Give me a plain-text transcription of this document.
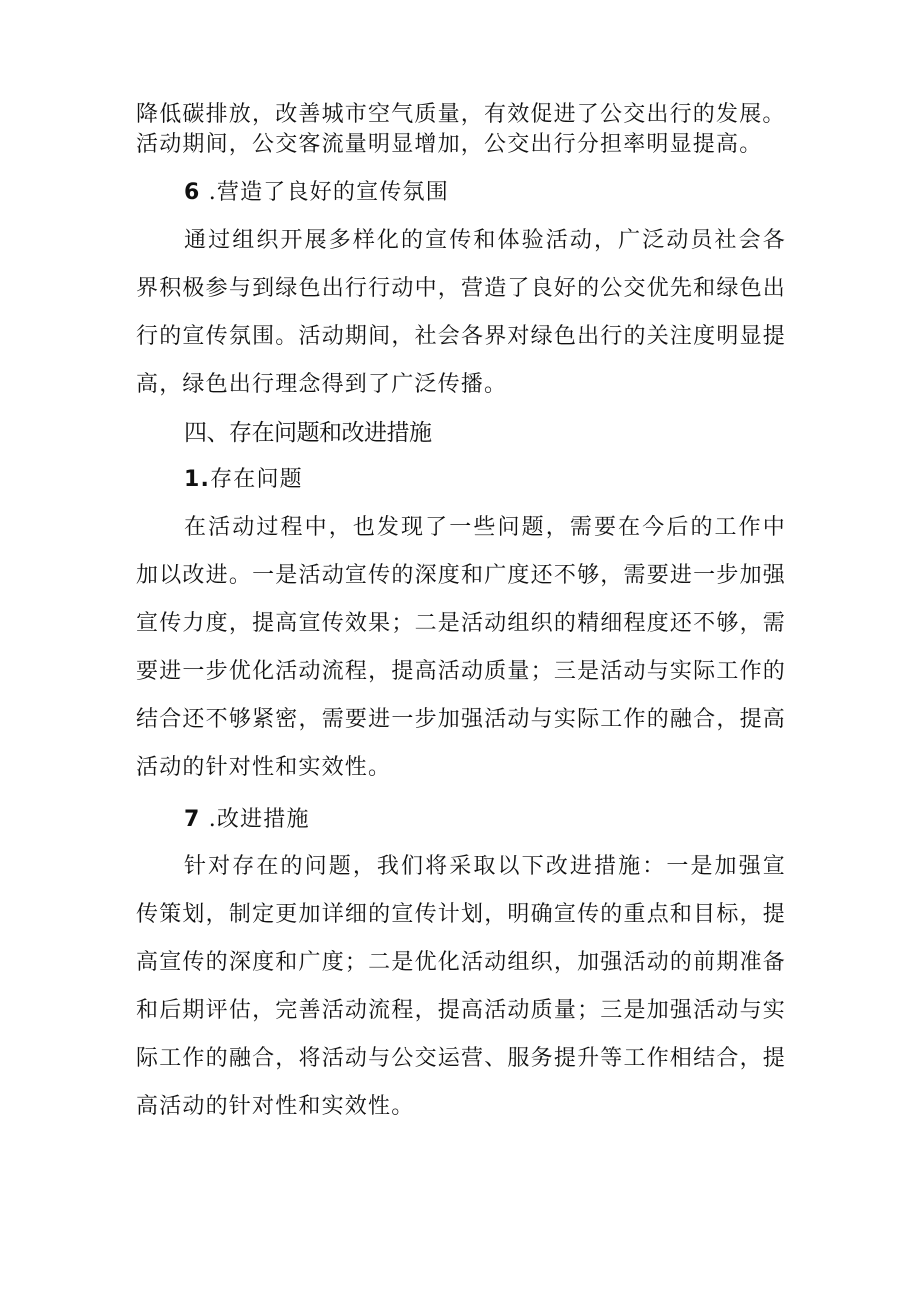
降低碳排放，改善城市空气质量，有效促进了公交出行的发展。
活动期间，公交客流量明显增加，公交出行分担率明显提高。
6 .营造了良好的宣传氛围
通过组织开展多样化的宣传和体验活动，广泛动员社会各界积极参与到绿色出行行动中，营造了良好的公交优先和绿色出行的宣传氛围。活动期间，社会各界对绿色出行的关注度明显提高，绿色出行理念得到了广泛传播。
四、存在问题和改进措施
1.存在问题
在活动过程中，也发现了一些问题，需要在今后的工作中加以改进。一是活动宣传的深度和广度还不够，需要进一步加强宣传力度，提高宣传效果；二是活动组织的精细程度还不够，需要进一步优化活动流程，提高活动质量；三是活动与实际工作的结合还不够紧密，需要进一步加强活动与实际工作的融合，提高活动的针对性和实效性。
7 .改进措施
针对存在的问题，我们将采取以下改进措施：一是加强宣传策划，制定更加详细的宣传计划，明确宣传的重点和目标，提高宣传的深度和广度；二是优化活动组织，加强活动的前期准备和后期评估，完善活动流程，提高活动质量；三是加强活动与实际工作的融合，将活动与公交运营、服务提升等工作相结合，提高活动的针对性和实效性。
